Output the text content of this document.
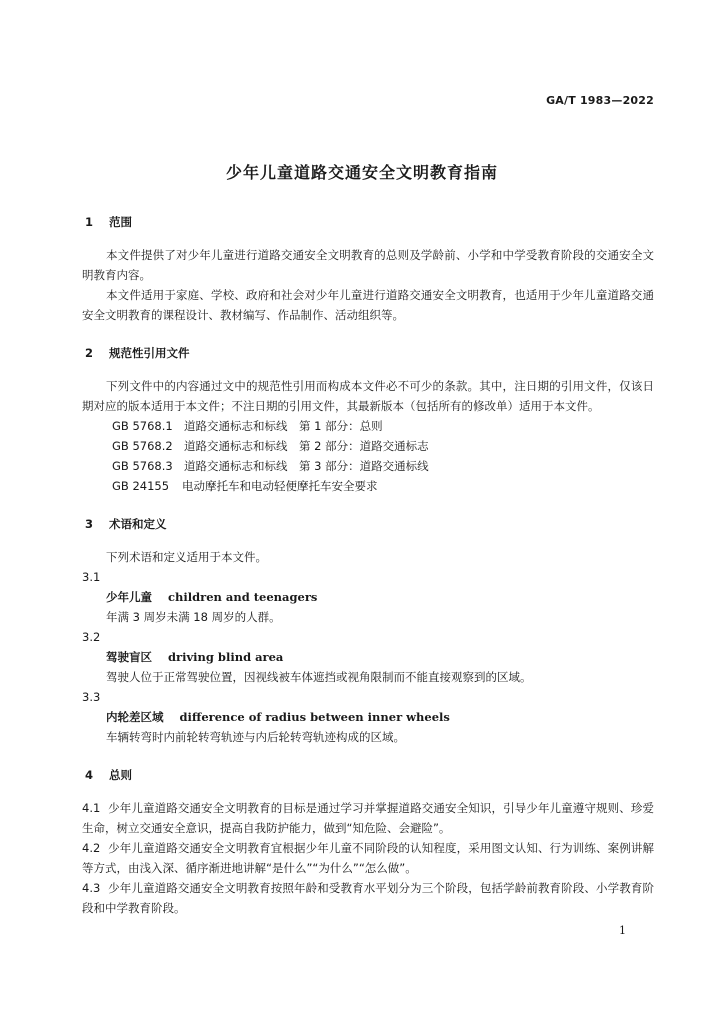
GA/T 1983—2022
少年儿童道路交通安全文明教育指南
1 范围

本文件提供了对少年儿童进行道路交通安全文明教育的总则及学龄前、小学和中学受教育阶段的交通安全文明教育内容。

本文件适用于家庭、学校、政府和社会对少年儿童进行道路交通安全文明教育，也适用于少年儿童道路交通安全文明教育的课程设计、教材编写、作品制作、活动组织等。

2 规范性引用文件

下列文件中的内容通过文中的规范性引用而构成本文件必不可少的条款。其中，注日期的引用文件，仅该日期对应的版本适用于本文件；不注日期的引用文件，其最新版本（包括所有的修改单）适用于本文件。

GB 5768.1 道路交通标志和标线　第 1 部分：总则
GB 5768.2 道路交通标志和标线　第 2 部分：道路交通标志
GB 5768.3 道路交通标志和标线　第 3 部分：道路交通标线
GB 24155 电动摩托车和电动轻便摩托车安全要求
3 术语和定义

下列术语和定义适用于本文件。

3.1
少年儿童 children and teenagers

年满 3 周岁未满 18 周岁的人群。

3.2
驾驶盲区 driving blind area

驾驶人位于正常驾驶位置，因视线被车体遮挡或视角限制而不能直接观察到的区域。

3.3
内轮差区域 difference of radius between inner wheels

车辆转弯时内前轮转弯轨迹与内后轮转弯轨迹构成的区域。

4 总则

4.1 少年儿童道路交通安全文明教育的目标是通过学习并掌握道路交通安全知识，引导少年儿童遵守规则、珍爱生命，树立交通安全意识，提高自我防护能力，做到“知危险、会避险”。

4.2 少年儿童道路交通安全文明教育宜根据少年儿童不同阶段的认知程度，采用图文认知、行为训练、案例讲解等方式，由浅入深、循序渐进地讲解“是什么”“为什么”“怎么做”。

4.3 少年儿童道路交通安全文明教育按照年龄和受教育水平划分为三个阶段，包括学龄前教育阶段、小学教育阶段和中学教育阶段。

1
